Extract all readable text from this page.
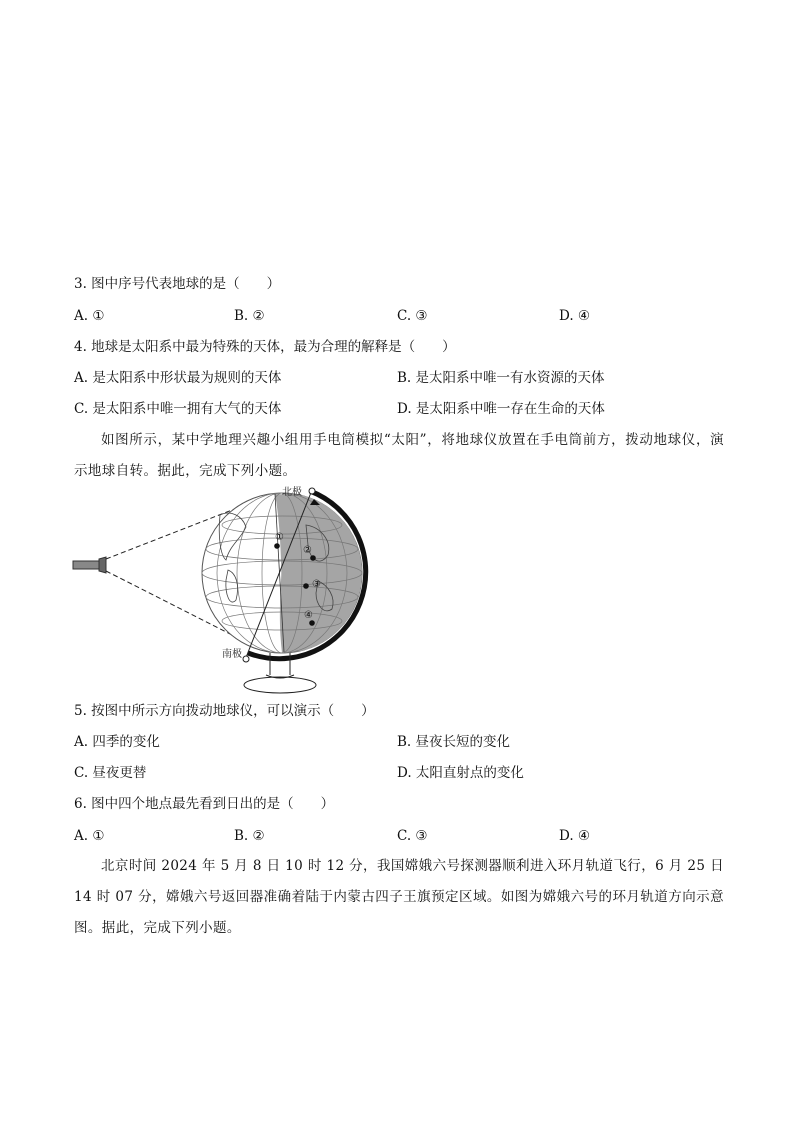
3. 图中序号代表地球的是（　　）
A. ①	B. ②	C. ③	D. ④
4. 地球是太阳系中最为特殊的天体，最为合理的解释是（　　）
A. 是太阳系中形状最为规则的天体	B. 是太阳系中唯一有水资源的天体
C. 是太阳系中唯一拥有大气的天体	D. 是太阳系中唯一存在生命的天体
如图所示，某中学地理兴趣小组用手电筒模拟“太阳”，将地球仪放置在手电筒前方，拨动地球仪，演示地球自转。据此，完成下列小题。
北极
南极
①
②
③
④
5. 按图中所示方向拨动地球仪，可以演示（　　）
A. 四季的变化	B. 昼夜长短的变化
C. 昼夜更替	D. 太阳直射点的变化
6. 图中四个地点最先看到日出的是（　　）
A. ①	B. ②	C. ③	D. ④
北京时间 2024 年 5 月 8 日 10 时 12 分，我国嫦娥六号探测器顺利进入环月轨道飞行，6 月 25 日 14 时 07 分，嫦娥六号返回器准确着陆于内蒙古四子王旗预定区域。如图为嫦娥六号的环月轨道方向示意图。据此，完成下列小题。
